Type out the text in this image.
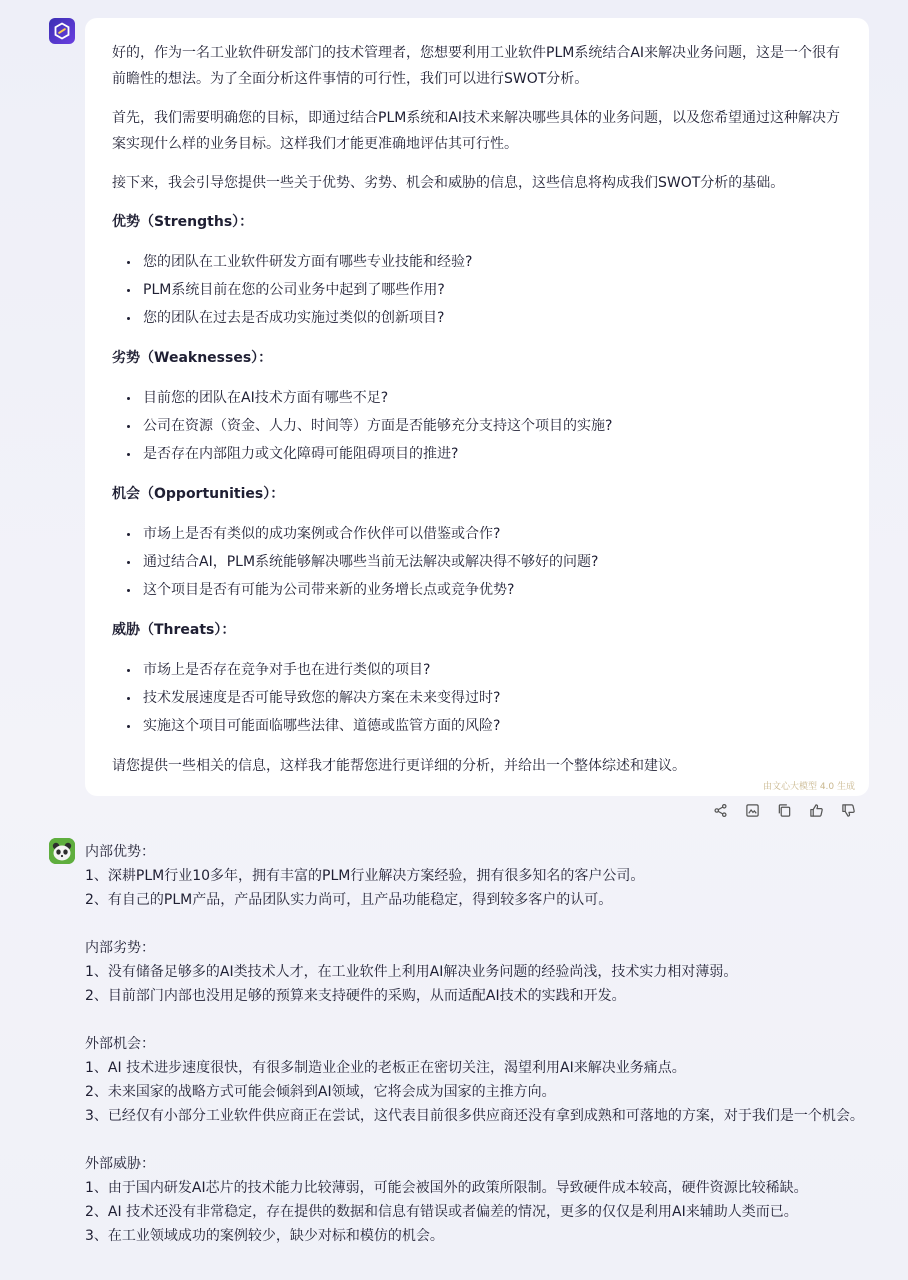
好的，作为一名工业软件研发部门的技术管理者，您想要利用工业软件PLM系统结合AI来解决业务问题，这是一个很有前瞻性的想法。为了全面分析这件事情的可行性，我们可以进行SWOT分析。

首先，我们需要明确您的目标，即通过结合PLM系统和AI技术来解决哪些具体的业务问题，以及您希望通过这种解决方案实现什么样的业务目标。这样我们才能更准确地评估其可行性。

接下来，我会引导您提供一些关于优势、劣势、机会和威胁的信息，这些信息将构成我们SWOT分析的基础。

优势（Strengths）：
您的团队在工业软件研发方面有哪些专业技能和经验?
PLM系统目前在您的公司业务中起到了哪些作用?
您的团队在过去是否成功实施过类似的创新项目?
劣势（Weaknesses）：
目前您的团队在AI技术方面有哪些不足?
公司在资源（资金、人力、时间等）方面是否能够充分支持这个项目的实施?
是否存在内部阻力或文化障碍可能阻碍项目的推进?
机会（Opportunities）：
市场上是否有类似的成功案例或合作伙伴可以借鉴或合作?
通过结合AI，PLM系统能够解决哪些当前无法解决或解决得不够好的问题?
这个项目是否有可能为公司带来新的业务增长点或竞争优势?
威胁（Threats）：
市场上是否存在竞争对手也在进行类似的项目?
技术发展速度是否可能导致您的解决方案在未来变得过时?
实施这个项目可能面临哪些法律、道德或监管方面的风险?

请您提供一些相关的信息，这样我才能帮您进行更详细的分析，并给出一个整体综述和建议。

由文心大模型 4.0 生成
内部优势：
1、深耕PLM行业10多年，拥有丰富的PLM行业解决方案经验，拥有很多知名的客户公司。
2、有自己的PLM产品，产品团队实力尚可，且产品功能稳定，得到较多客户的认可。
内部劣势：
1、没有储备足够多的AI类技术人才，在工业软件上利用AI解决业务问题的经验尚浅，技术实力相对薄弱。
2、目前部门内部也没用足够的预算来支持硬件的采购，从而适配AI技术的实践和开发。
外部机会：
1、AI 技术进步速度很快，有很多制造业企业的老板正在密切关注，渴望利用AI来解决业务痛点。
2、未来国家的战略方式可能会倾斜到AI领域，它将会成为国家的主推方向。
3、已经仅有小部分工业软件供应商正在尝试，这代表目前很多供应商还没有拿到成熟和可落地的方案，对于我们是一个机会。
外部威胁：
1、由于国内研发AI芯片的技术能力比较薄弱，可能会被国外的政策所限制。导致硬件成本较高，硬件资源比较稀缺。
2、AI 技术还没有非常稳定，存在提供的数据和信息有错误或者偏差的情况，更多的仅仅是利用AI来辅助人类而已。
3、在工业领域成功的案例较少，缺少对标和模仿的机会。
